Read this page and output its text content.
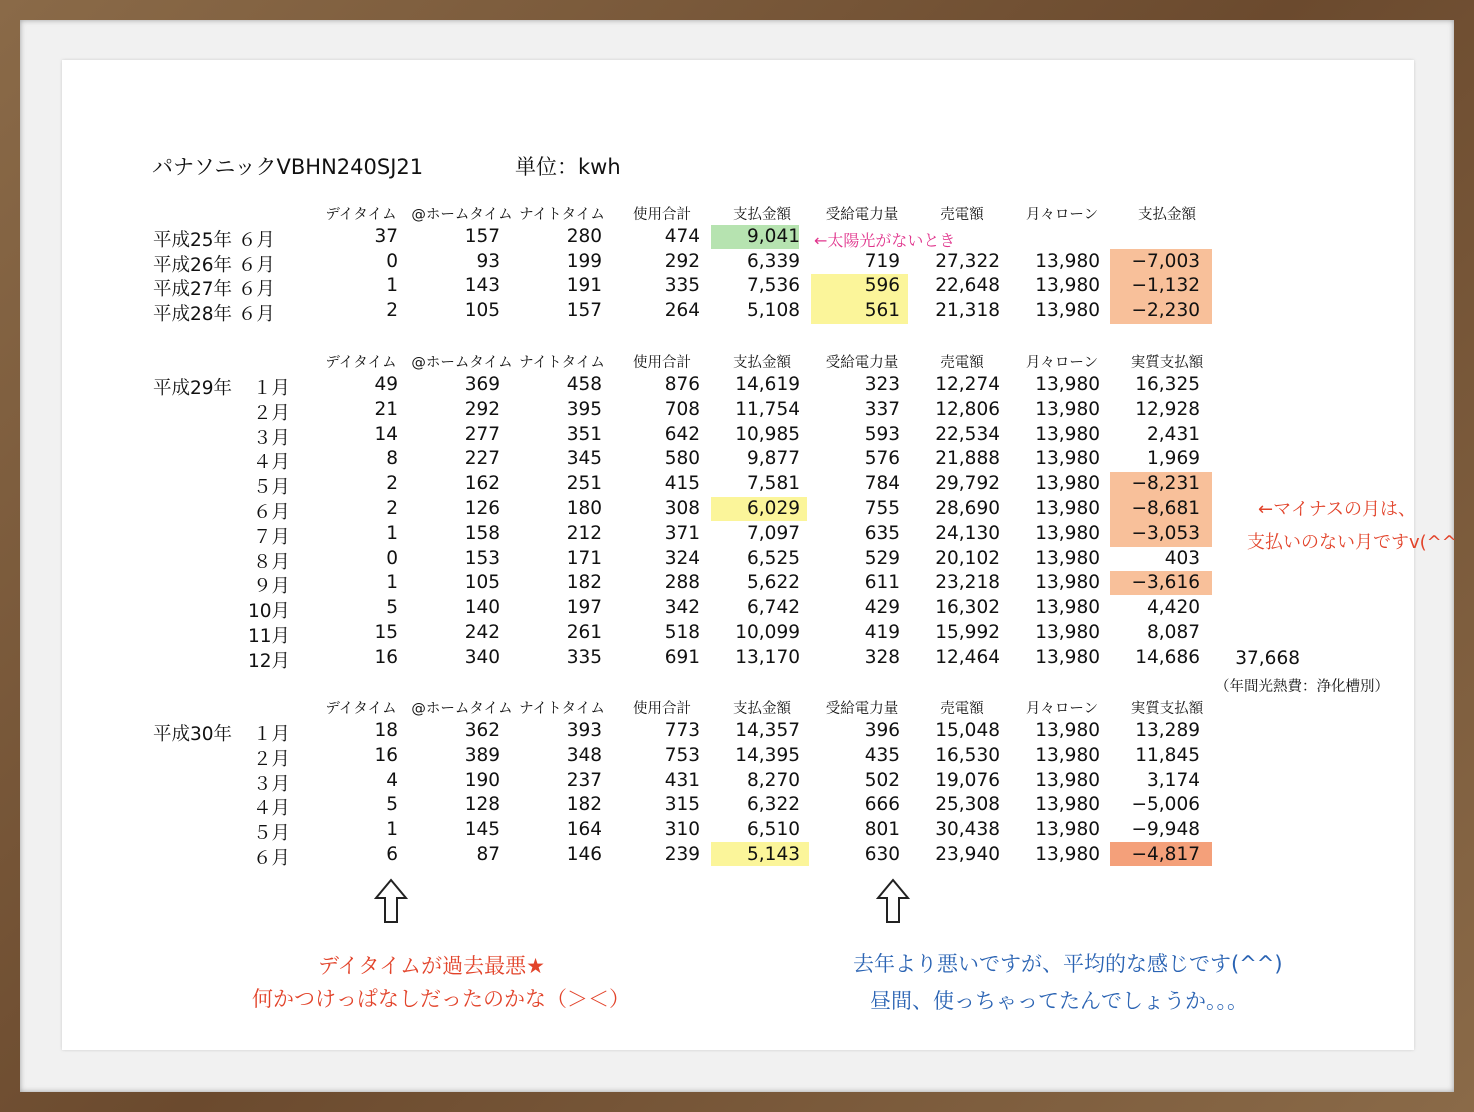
パナソニックVBHN240SJ21	単位：kwh
デイタイム	@ホームタイム ナイトタイム	使用合計	支払金額	受給電力量	売電額	月々ローン	支払金額
平成25年 ６月	37	157	280	474	9,041
平成26年 ６月	0	93	199	292	6,339	719	27,322	13,980	−7,003
平成27年 ６月	1	143	191	335	7,536	596	22,648	13,980	−1,132
平成28年 ６月	2	105	157	264	5,108	561	21,318	13,980	−2,230
←太陽光がないとき
デイタイム	@ホームタイム ナイトタイム	使用合計	支払金額	受給電力量	売電額	月々ローン	実質支払額
平成29年	１月	49	369	458	876	14,619	323	12,274	13,980	16,325
２月	21	292	395	708	11,754	337	12,806	13,980	12,928
３月	14	277	351	642	10,985	593	22,534	13,980	2,431
４月	8	227	345	580	9,877	576	21,888	13,980	1,969
５月	2	162	251	415	7,581	784	29,792	13,980	−8,231
６月	2	126	180	308	6,029	755	28,690	13,980	−8,681
７月	1	158	212	371	7,097	635	24,130	13,980	−3,053
８月	0	153	171	324	6,525	529	20,102	13,980	403
９月	1	105	182	288	5,622	611	23,218	13,980	−3,616
10月	5	140	197	342	6,742	429	16,302	13,980	4,420
11月	15	242	261	518	10,099	419	15,992	13,980	8,087
12月	16	340	335	691	13,170	328	12,464	13,980	14,686	37,668
（年間光熱費：浄化槽別）
←マイナスの月は、
支払いのない月ですv(^^
デイタイム	@ホームタイム ナイトタイム	使用合計	支払金額	受給電力量	売電額	月々ローン	実質支払額
平成30年	１月	18	362	393	773	14,357	396	15,048	13,980	13,289
２月	16	389	348	753	14,395	435	16,530	13,980	11,845
３月	4	190	237	431	8,270	502	19,076	13,980	3,174
４月	5	128	182	315	6,322	666	25,308	13,980	−5,006
５月	1	145	164	310	6,510	801	30,438	13,980	−9,948
６月	6	87	146	239	5,143	630	23,940	13,980	−4,817
デイタイムが過去最悪★
何かつけっぱなしだったのかな（＞＜）
去年より悪いですが、平均的な感じです(^^)
昼間、使っちゃってたんでしょうか。。。
